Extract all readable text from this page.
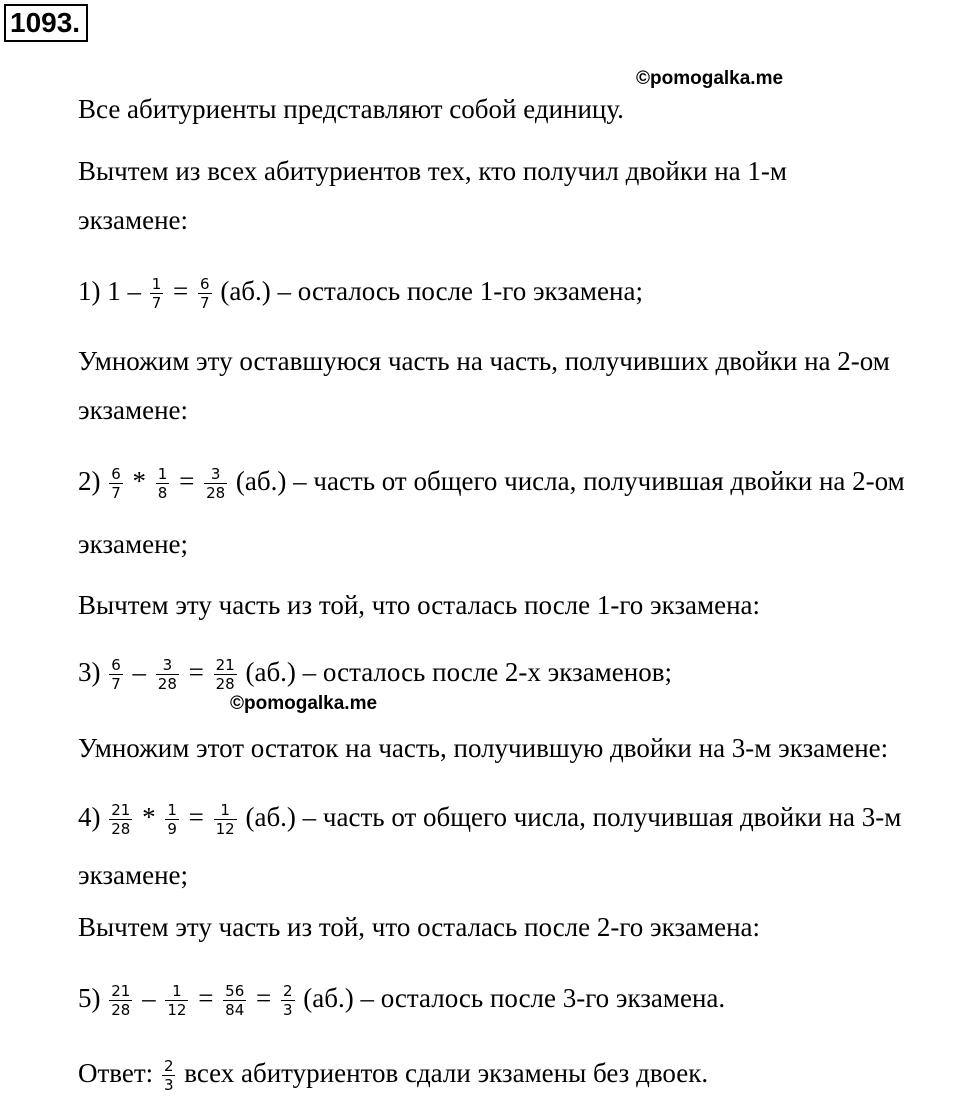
1093.
©pomogalka.me
Все абитуриенты представляют собой единицу.
Вычтем из всех абитуриентов тех, кто получил двойки на 1-м
экзамене:
1) $1 - \frac{1}{7} = \frac{6}{7} (аб.)$ – осталось после 1-го экзамена;
Умножим эту оставшуюся часть на часть, получивших двойки на 2-ом
экзамене:
$2) \frac{6}{7} * \frac{1}{8} = \frac{3}{28} (аб.)$ – часть от общего числа, получившая двойки на 2-ом
экзамене;
Вычтем эту часть из той, что осталась после 1-го экзамена:
$3) \frac{6}{7} - \frac{3}{28} = \frac{21}{28} (аб.)$ – осталось после 2-х экзаменов;
©pomogalka.me
Умножим этот остаток на часть, получившую двойки на 3-м экзамене:
$4) \frac{21}{28} * \frac{1}{9} = \frac{1}{12} (аб.)$ – часть от общего числа, получившая двойки на 3-м
экзамене;
Вычтем эту часть из той, что осталась после 2-го экзамена:
$5) \frac{21}{28} - \frac{1}{12} = \frac{56}{84} = \frac{2}{3} (аб.)$ – осталось после 3-го экзамена.
Ответ: $\frac{2}{3}$ всех абитуриентов сдали экзамены без двоек.
